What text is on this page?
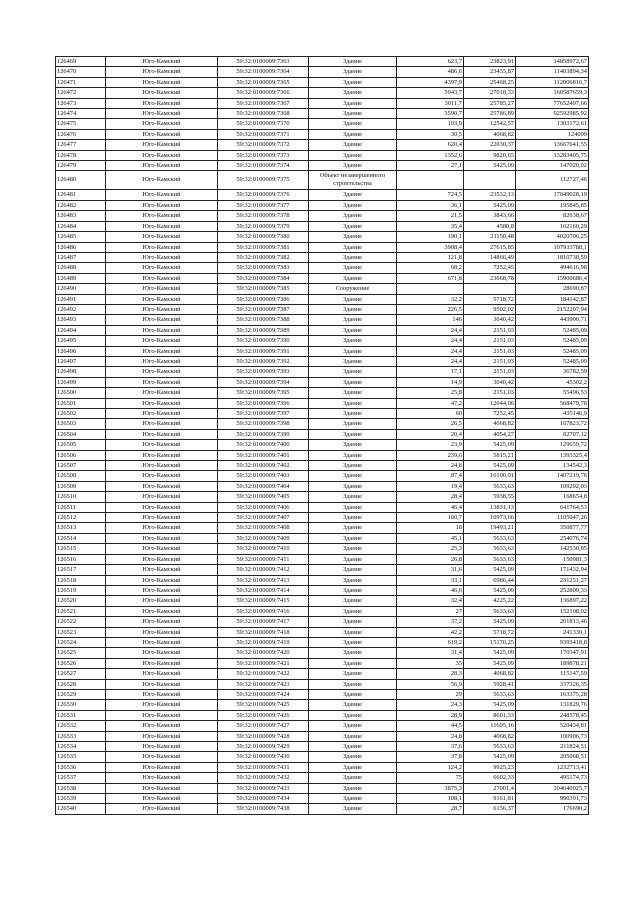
126469	Юго-Камский	59:32:0100009:7363	Здание	623,7	23823,91	14858972,67
126470	Юго-Камский	59:32:0100009:7364	Здание	486,6	23435,87	11403894,34
126471	Юго-Камский	59:32:0100009:7365	Здание	4397,9	25468,25	112006816,7
126472	Юго-Камский	59:32:0100009:7366	Здание	5943,7	27018,33	160587659,3
126473	Юго-Камский	59:32:0100009:7367	Здание	3011,7	25785,27	77652497,66
126474	Юго-Камский	59:32:0100009:7368	Здание	3590,7	25786,89	92592985,92
126475	Юго-Камский	59:32:0100009:7370	Здание	103,9	12542,57	1303172,61
126476	Юго-Камский	59:32:0100009:7371	Здание	30,5	4068,82	124099
126477	Юго-Камский	59:32:0100009:7372	Здание	620,4	22030,37	13667641,55
126478	Юго-Камский	59:32:0100009:7373	Здание	1352,6	9820,65	13283405,75
126479	Юго-Камский	59:32:0100009:7374	Здание	27,1	5425,09	147020,02
126480	Юго-Камский	59:32:0100009:7375	Объект незавершенного строительства			112727,46
126481	Юго-Камский	59:32:0100009:7376	Здание	724,5	23532,13	17049028,19
126482	Юго-Камский	59:32:0100009:7377	Здание	36,1	5425,09	195845,85
126483	Юго-Камский	59:32:0100009:7378	Здание	21,5	3843,66	82638,67
126484	Юго-Камский	59:32:0100009:7379	Здание	35,4	4580,8	162160,29
126485	Юго-Камский	59:32:0100009:7380	Здание	190,1	21150,48	4020706,25
126486	Юго-Камский	59:32:0100009:7381	Здание	3908,4	27615,85	107933788,1
126487	Юго-Камский	59:32:0100009:7382	Здание	121,8	14866,49	1810738,59
126488	Юго-Камский	59:32:0100009:7383	Здание	68,2	7252,45	494616,98
126489	Юго-Камский	59:32:0100009:7384	Здание	671,8	23668,78	15900686,4
126490	Юго-Камский	59:32:0100009:7385	Сооружение			28690,87
126491	Юго-Камский	59:32:0100009:7386	Здание	32,2	5718,72	184142,87
126492	Юго-Камский	59:32:0100009:7387	Здание	226,5	9502,02	2152207,94
126493	Юго-Камский	59:32:0100009:7388	Здание	146	3040,42	443900,71
126494	Юго-Камский	59:32:0100009:7389	Здание	24,4	2151,03	52485,09
126495	Юго-Камский	59:32:0100009:7390	Здание	24,4	2151,03	52485,09
126496	Юго-Камский	59:32:0100009:7391	Здание	24,4	2151,03	52485,09
126497	Юго-Камский	59:32:0100009:7392	Здание	24,4	2151,03	52485,09
126498	Юго-Камский	59:32:0100009:7393	Здание	17,1	2151,03	36782,59
126499	Юго-Камский	59:32:0100009:7394	Здание	14,9	3040,42	45302,2
126500	Юго-Камский	59:32:0100009:7395	Здание	25,8	2151,03	55496,53
126501	Юго-Камский	59:32:0100009:7396	Здание	47,2	12044,06	568479,78
126502	Юго-Камский	59:32:0100009:7397	Здание	60	7252,45	435146,9
126503	Юго-Камский	59:32:0100009:7398	Здание	26,5	4068,82	107823,72
126504	Юго-Камский	59:32:0100009:7399	Здание	20,4	4054,27	82707,12
126505	Юго-Камский	59:32:0100009:7400	Здание	23,9	5425,09	129659,72
126506	Юго-Камский	59:32:0100009:7401	Здание	239,6	5815,21	1393325,4
126507	Юго-Камский	59:32:0100009:7402	Здание	24,8	5425,09	134542,3
126508	Юго-Камский	59:32:0100009:7403	Здание	87,4	16100,91	1407219,76
126509	Юго-Камский	59:32:0100009:7404	Здание	19,4	5633,63	109292,03
126510	Юго-Камский	59:32:0100009:7405	Здание	28,4	5938,55	168654,8
126511	Юго-Камский	59:32:0100009:7406	Здание	46,4	13831,13	641764,53
126512	Юго-Камский	59:32:0100009:7407	Здание	100,7	10973,66	1105047,26
126513	Юго-Камский	59:32:0100009:7408	Здание	18	19493,21	350877,77
126514	Юго-Камский	59:32:0100009:7409	Здание	45,1	5633,63	254076,74
126515	Юго-Камский	59:32:0100009:7410	Здание	25,3	5633,63	142530,85
126516	Юго-Камский	59:32:0100009:7411	Здание	26,8	5633,63	150981,3
126517	Юго-Камский	59:32:0100009:7412	Здание	31,6	5425,09	171432,94
126518	Юго-Камский	59:32:0100009:7413	Здание	33,1	6986,44	231251,27
126519	Юго-Камский	59:32:0100009:7414	Здание	46,6	5425,09	252809,33
126520	Юго-Камский	59:32:0100009:7415	Здание	32,4	4225,22	136897,22
126521	Юго-Камский	59:32:0100009:7416	Здание	27	5633,63	152108,02
126522	Юго-Камский	59:32:0100009:7417	Здание	37,2	5425,09	201813,46
126523	Юго-Камский	59:32:0100009:7418	Здание	42,2	5718,72	241330,1
126524	Юго-Камский	59:32:0100009:7419	Здание	619,2	15170,25	9393418,8
126525	Юго-Камский	59:32:0100009:7420	Здание	31,4	5425,09	170347,91
126526	Юго-Камский	59:32:0100009:7421	Здание	35	5425,09	189878,21
126527	Юго-Камский	59:32:0100009:7422	Здание	28,3	4068,82	115147,59
126528	Юго-Камский	59:32:0100009:7423	Здание	56,9	5928,41	337326,35
126529	Юго-Камский	59:32:0100009:7424	Здание	29	5633,63	163375,28
126530	Юго-Камский	59:32:0100009:7425	Здание	24,3	5425,09	131829,76
126531	Юго-Камский	59:32:0100009:7426	Здание	28,9	8601,33	248578,45
126532	Юго-Камский	59:32:0100009:7427	Здание	44,5	11695,16	520434,81
126533	Юго-Камский	59:32:0100009:7428	Здание	24,8	4068,82	100906,73
126534	Юго-Камский	59:32:0100009:7429	Здание	37,6	5633,63	211824,51
126535	Юго-Камский	59:32:0100009:7430	Здание	37,8	5425,09	205068,51
126536	Юго-Камский	59:32:0100009:7431	Здание	124,2	9925,23	1232713,41
126537	Юго-Камский	59:32:0100009:7432	Здание	75	6602,33	495174,73
126538	Юго-Камский	59:32:0100009:7433	Здание	3875,3	27001,4	104640925,7
126539	Юго-Камский	59:32:0100009:7434	Здание	108,1	9161,81	990391,73
126540	Юго-Камский	59:32:0100009:7438	Здание	28,7	6156,37	176690,2
